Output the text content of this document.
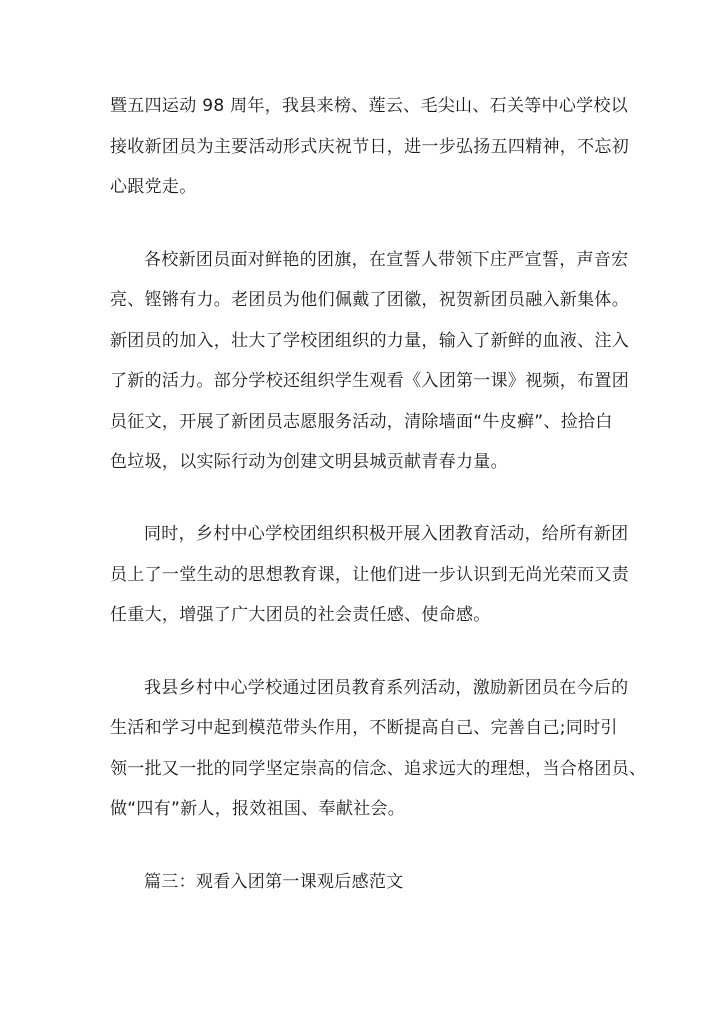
暨五四运动 98 周年，我县来榜、莲云、毛尖山、石关等中心学校以

接收新团员为主要活动形式庆祝节日，进一步弘扬五四精神，不忘初

心跟党走。

各校新团员面对鲜艳的团旗，在宣誓人带领下庄严宣誓，声音宏

亮、铿锵有力。老团员为他们佩戴了团徽，祝贺新团员融入新集体。

新团员的加入，壮大了学校团组织的力量，输入了新鲜的血液、注入

了新的活力。部分学校还组织学生观看《入团第一课》视频，布置团

员征文，开展了新团员志愿服务活动，清除墙面“牛皮癣”、捡拾白

色垃圾，以实际行动为创建文明县城贡献青春力量。

同时，乡村中心学校团组织积极开展入团教育活动，给所有新团

员上了一堂生动的思想教育课，让他们进一步认识到无尚光荣而又责

任重大，增强了广大团员的社会责任感、使命感。

我县乡村中心学校通过团员教育系列活动，激励新团员在今后的

生活和学习中起到模范带头作用，不断提高自己、完善自己;同时引

领一批又一批的同学坚定崇高的信念、追求远大的理想，当合格团员、

做“四有”新人，报效祖国、奉献社会。

篇三：观看入团第一课观后感范文
